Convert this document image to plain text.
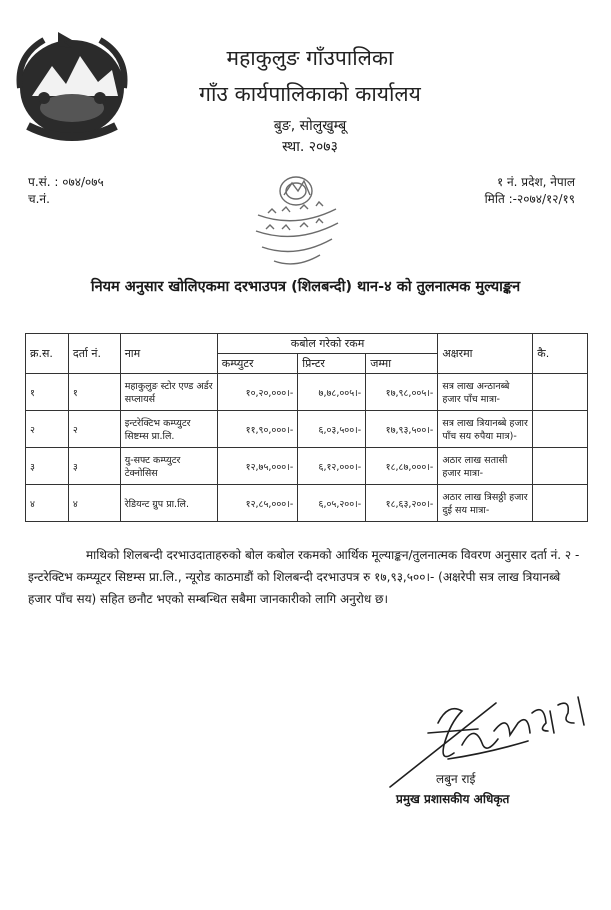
महाकुलुङ गाँउपालिका
गाँउ कार्यपालिकाको कार्यालय
बुङ, सोलुखुम्बू
स्था. २०७३
प.सं. : ०७४/०७५
च.नं.
१ नं. प्रदेश, नेपाल
मिति :-२०७४/१२/१९
नियम अनुसार खोलिएकमा दरभाउपत्र (शिलबन्दी) थान-४ को तुलनात्मक मुल्याङ्कन
क्र.स.	दर्ता नं.	नाम	कबोल गरेको रकम			अक्षरमा	कै.
			कम्प्युटर	प्रिन्टर	जम्मा		
१	१	महाकुलुङ स्टोर एण्ड अर्डर सप्लायर्स	१०,२०,०००।-	७,७८,००५।-	१७,९८,००५।-	सत्र लाख अन्ठानब्बे हजार पाँच मात्रा-	
२	२	इन्टरेक्टिभ कम्प्युटर सिष्टम्स प्रा.लि.	११,९०,०००।-	६,०३,५००।-	१७,९३,५००।-	सत्र लाख त्रियानब्बे हजार पाँच सय रुपैया मात्र)-	
३	३	यु-सफ्ट कम्प्युटर टेक्नोसिस	१२,७५,०००।-	६,१२,०००।-	१८,८७,०००।-	अठार लाख सतासी हजार मात्रा-	
४	४	रेडियन्ट ग्रुप प्रा.लि.	१२,८५,०००।-	६,०५,२००।-	१८,६३,२००।-	अठार लाख त्रिसठ्ठी हजार दुई सय मात्रा-	
माथिको शिलबन्दी दरभाउदाताहरुको बोल कबोल रकमको आर्थिक मूल्याङ्कन/तुलनात्मक विवरण अनुसार दर्ता नं. २ - इन्टरेक्टिभ कम्प्यूटर सिष्टम्स प्रा.लि., न्यूरोड काठमाडौं को शिलबन्दी दरभाउपत्र रु १७,९३,५००।- (अक्षरेपी सत्र लाख त्रियानब्बे हजार पाँच सय) सहित छनौट भएको सम्बन्धित सबैमा जानकारीको लागि अनुरोध छ।
लबुन राई
प्रमुख प्रशासकीय अधिकृत
